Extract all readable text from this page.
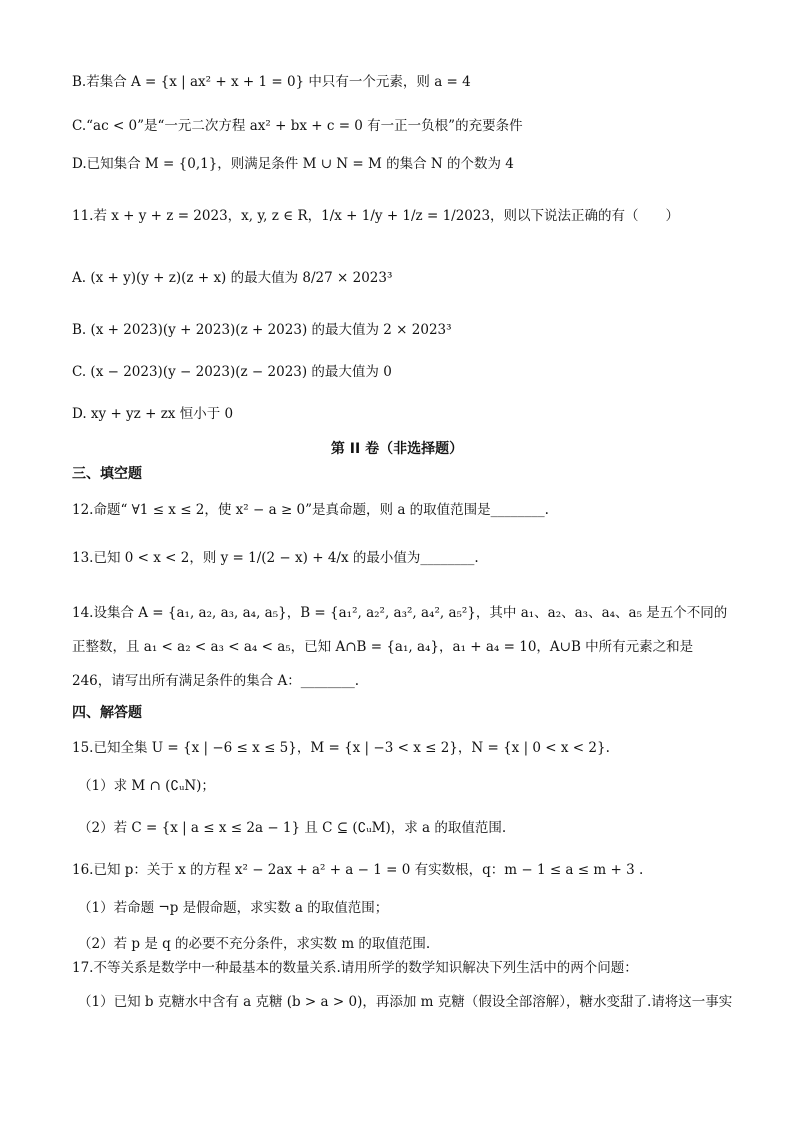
B.若集合 A = {x | ax² + x + 1 = 0} 中只有一个元素，则 a = 4
C.“ac < 0”是“一元二次方程 ax² + bx + c = 0 有一正一负根”的充要条件
D.已知集合 M = {0,1}，则满足条件 M ∪ N = M 的集合 N 的个数为 4
11.若 x + y + z = 2023，x, y, z ∈ R，1/x + 1/y + 1/z = 1/2023，则以下说法正确的有（　　）
A. (x + y)(y + z)(z + x) 的最大值为 8/27 × 2023³
B. (x + 2023)(y + 2023)(z + 2023) 的最大值为 2 × 2023³
C. (x − 2023)(y − 2023)(z − 2023) 的最大值为 0
D. xy + yz + zx 恒小于 0
第 II 卷（非选择题）
三、填空题
12.命题“ ∀1 ≤ x ≤ 2，使 x² − a ≥ 0”是真命题，则 a 的取值范围是________.
13.已知 0 < x < 2，则 y = 1/(2 − x) + 4/x 的最小值为________.
14.设集合 A = {a₁, a₂, a₃, a₄, a₅}，B = {a₁², a₂², a₃², a₄², a₅²}，其中 a₁、a₂、a₃、a₄、a₅ 是五个不同的正整数，且 a₁ < a₂ < a₃ < a₄ < a₅，已知 A∩B = {a₁, a₄}，a₁ + a₄ = 10，A∪B 中所有元素之和是 246，请写出所有满足条件的集合 A：________.
四、解答题
15.已知全集 U = {x | −6 ≤ x ≤ 5}，M = {x | −3 < x ≤ 2}，N = {x | 0 < x < 2}.
（1）求 M ∩ (∁ᵤN)；
（2）若 C = {x | a ≤ x ≤ 2a − 1} 且 C ⊆ (∁ᵤM)，求 a 的取值范围.
16.已知 p：关于 x 的方程 x² − 2ax + a² + a − 1 = 0 有实数根，q：m − 1 ≤ a ≤ m + 3 .
（1）若命题 ¬p 是假命题，求实数 a 的取值范围；
（2）若 p 是 q 的必要不充分条件，求实数 m 的取值范围.
17.不等关系是数学中一种最基本的数量关系.请用所学的数学知识解决下列生活中的两个问题：
（1）已知 b 克糖水中含有 a 克糖 (b > a > 0)，再添加 m 克糖（假设全部溶解），糖水变甜了.请将这一事实
